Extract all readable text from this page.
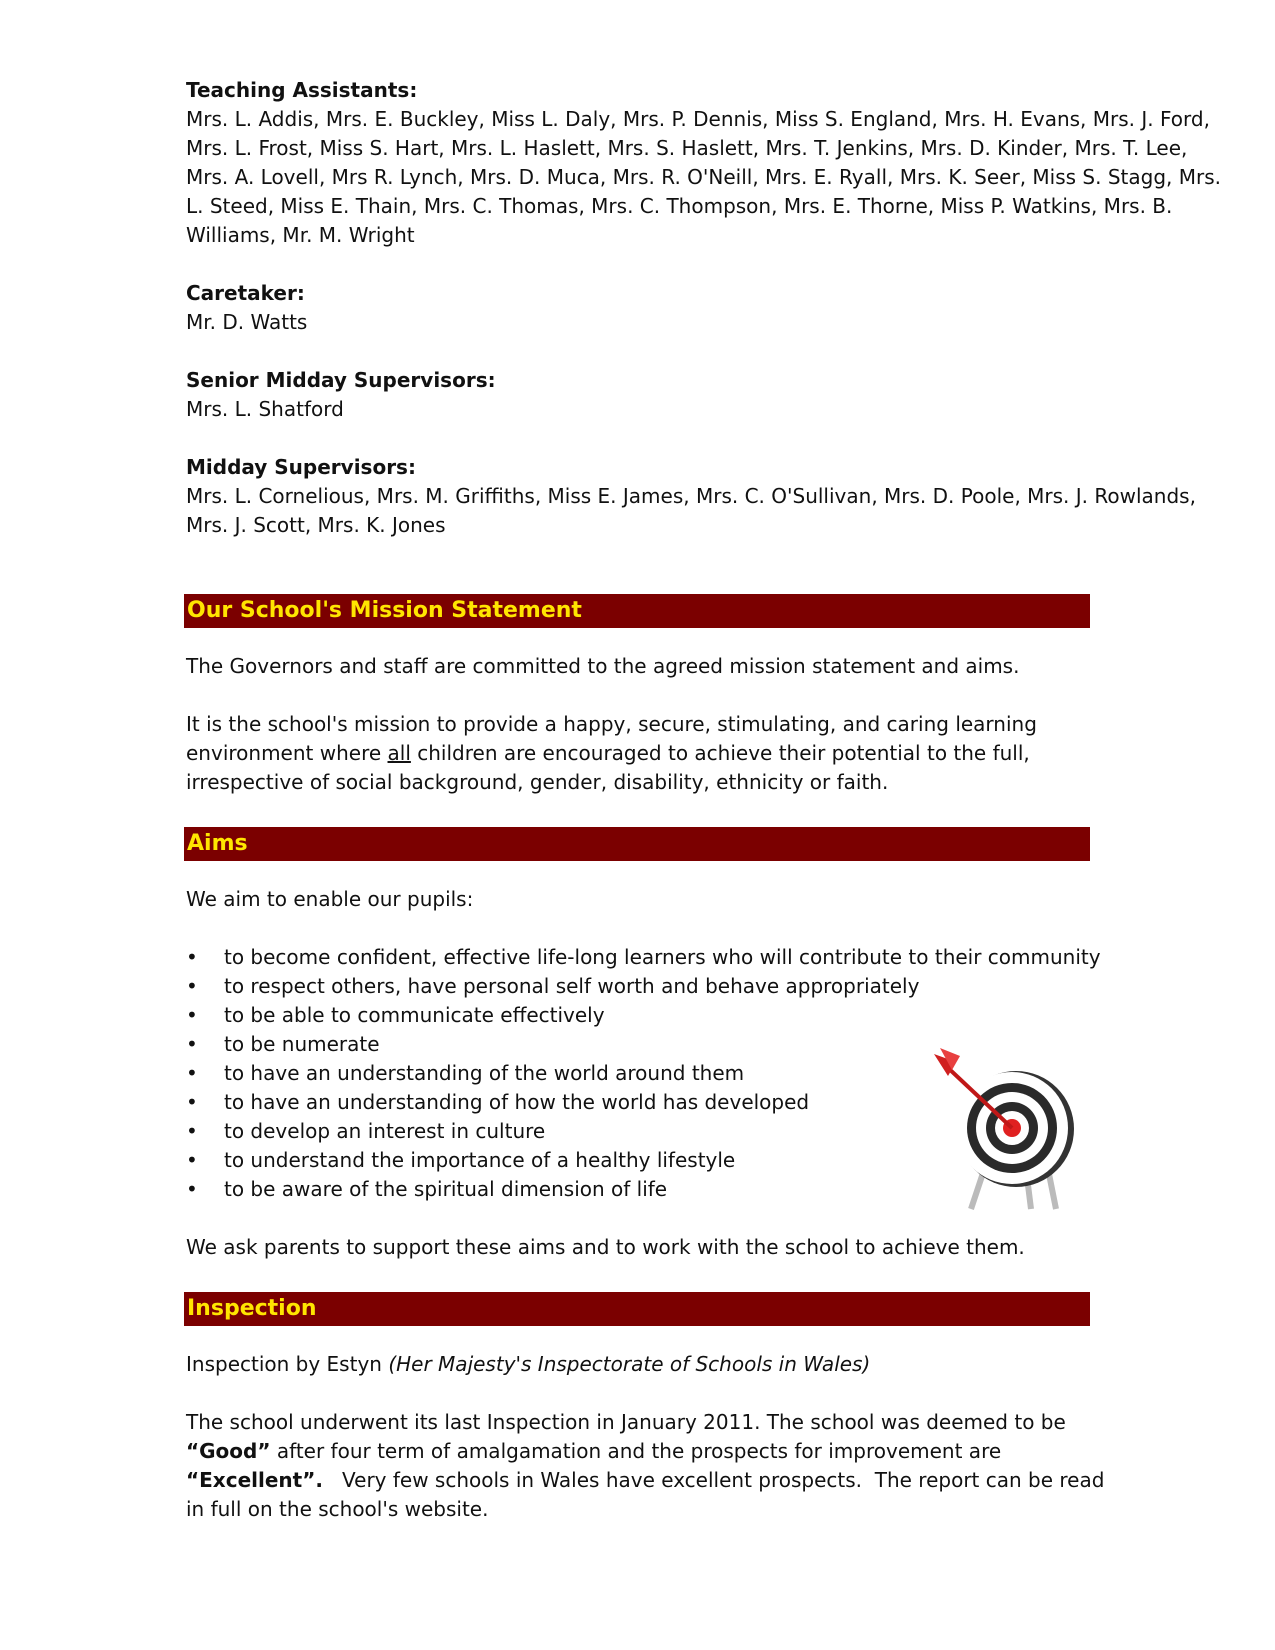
Teaching Assistants:

Mrs. L. Addis, Mrs. E. Buckley, Miss L. Daly, Mrs. P. Dennis, Miss S. England, Mrs. H. Evans, Mrs. J. Ford,

Mrs. L. Frost, Miss S. Hart, Mrs. L. Haslett, Mrs. S. Haslett, Mrs. T. Jenkins, Mrs. D. Kinder, Mrs. T. Lee,

Mrs. A. Lovell, Mrs R. Lynch, Mrs. D. Muca, Mrs. R. O'Neill, Mrs. E. Ryall, Mrs. K. Seer, Miss S. Stagg, Mrs.

L. Steed, Miss E. Thain, Mrs. C. Thomas, Mrs. C. Thompson, Mrs. E. Thorne, Miss P. Watkins, Mrs. B.

Williams, Mr. M. Wright

Caretaker:

Mr. D. Watts

Senior Midday Supervisors:

Mrs. L. Shatford

Midday Supervisors:

Mrs. L. Cornelious, Mrs. M. Griffiths, Miss E. James, Mrs. C. O'Sullivan, Mrs. D. Poole, Mrs. J. Rowlands,

Mrs. J. Scott, Mrs. K. Jones

Our School's Mission Statement

The Governors and staff are committed to the agreed mission statement and aims.

It is the school's mission to provide a happy, secure, stimulating, and caring learning

environment where all children are encouraged to achieve their potential to the full,

irrespective of social background, gender, disability, ethnicity or faith.

Aims

We aim to enable our pupils:

• to become confident, effective life-long learners who will contribute to their community
• to respect others, have personal self worth and behave appropriately
• to be able to communicate effectively
• to be numerate
• to have an understanding of the world around them
• to have an understanding of how the world has developed
• to develop an interest in culture
• to understand the importance of a healthy lifestyle
• to be aware of the spiritual dimension of life

We ask parents to support these aims and to work with the school to achieve them.

Inspection

Inspection by Estyn (Her Majesty's Inspectorate of Schools in Wales)

The school underwent its last Inspection in January 2011. The school was deemed to be

“Good” after four term of amalgamation and the prospects for improvement are

“Excellent”.   Very few schools in Wales have excellent prospects.  The report can be read

in full on the school's website.
